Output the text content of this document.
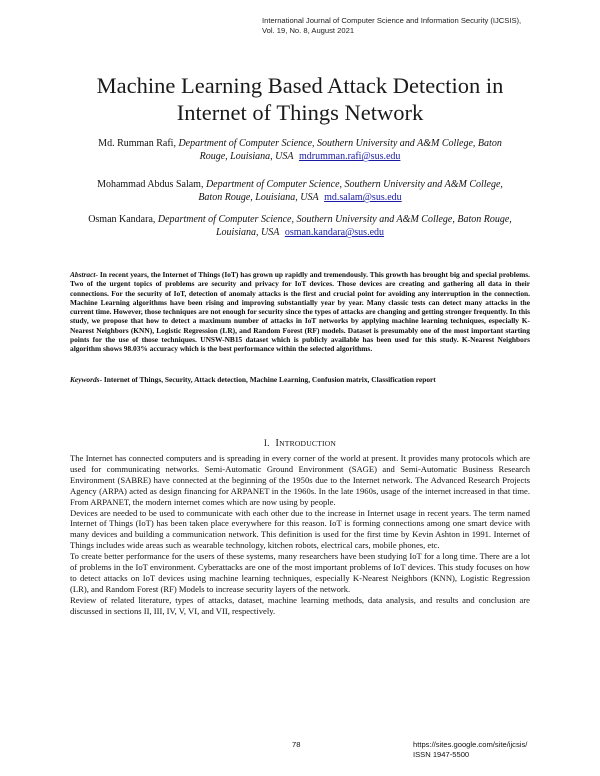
International Journal of Computer Science and Information Security (IJCSIS),
Vol. 19, No. 8, August 2021
Machine Learning Based Attack Detection in
Internet of Things Network
Md. Rumman Rafi, Department of Computer Science, Southern University and A&M College, Baton
Rouge, Louisiana, USA mdrumman.rafi@sus.edu
Mohammad Abdus Salam, Department of Computer Science, Southern University and A&M College,
Baton Rouge, Louisiana, USA md.salam@sus.edu
Osman Kandara, Department of Computer Science, Southern University and A&M College, Baton Rouge,
Louisiana, USA osman.kandara@sus.edu
Abstract- In recent years, the Internet of Things (IoT) has grown up rapidly and tremendously. This growth has brought big and special problems. Two of the urgent topics of problems are security and privacy for IoT devices. Those devices are creating and gathering all data in their connections. For the security of IoT, detection of anomaly attacks is the first and crucial point for avoiding any interruption in the connection. Machine Learning algorithms have been rising and improving substantially year by year. Many classic tests can detect many attacks in the current time. However, those techniques are not enough for security since the types of attacks are changing and getting stronger frequently. In this study, we propose that how to detect a maximum number of attacks in IoT networks by applying machine learning techniques, especially K-Nearest Neighbors (KNN), Logistic Regression (LR), and Random Forest (RF) models. Dataset is presumably one of the most important starting points for the use of those techniques. UNSW-NB15 dataset which is publicly available has been used for this study. K-Nearest Neighbors algorithm shows 98.03% accuracy which is the best performance within the selected algorithms.
Keywords- Internet of Things, Security, Attack detection, Machine Learning, Confusion matrix, Classification report
I. INTRODUCTION

The Internet has connected computers and is spreading in every corner of the world at present. It provides many protocols which are used for communicating networks. Semi-Automatic Ground Environment (SAGE) and Semi-Automatic Business Research Environment (SABRE) have connected at the beginning of the 1950s due to the Internet network. The Advanced Research Projects Agency (ARPA) acted as design financing for ARPANET in the 1960s. In the late 1960s, usage of the internet increased in that time. From ARPANET, the modern internet comes which are now using by people.

Devices are needed to be used to communicate with each other due to the increase in Internet usage in recent years. The term named Internet of Things (IoT) has been taken place everywhere for this reason. IoT is forming connections among one smart device with many devices and building a communication network. This definition is used for the first time by Kevin Ashton in 1991. Internet of Things includes wide areas such as wearable technology, kitchen robots, electrical cars, mobile phones, etc.

To create better performance for the users of these systems, many researchers have been studying IoT for a long time. There are a lot of problems in the IoT environment. Cyberattacks are one of the most important problems of IoT devices. This study focuses on how to detect attacks on IoT devices using machine learning techniques, especially K-Nearest Neighbors (KNN), Logistic Regression (LR), and Random Forest (RF) Models to increase security layers of the network.

Review of related literature, types of attacks, dataset, machine learning methods, data analysis, and results and conclusion are discussed in sections II, III, IV, V, VI, and VII, respectively.

78	https://sites.google.com/site/ijcsis/
ISSN 1947-5500
